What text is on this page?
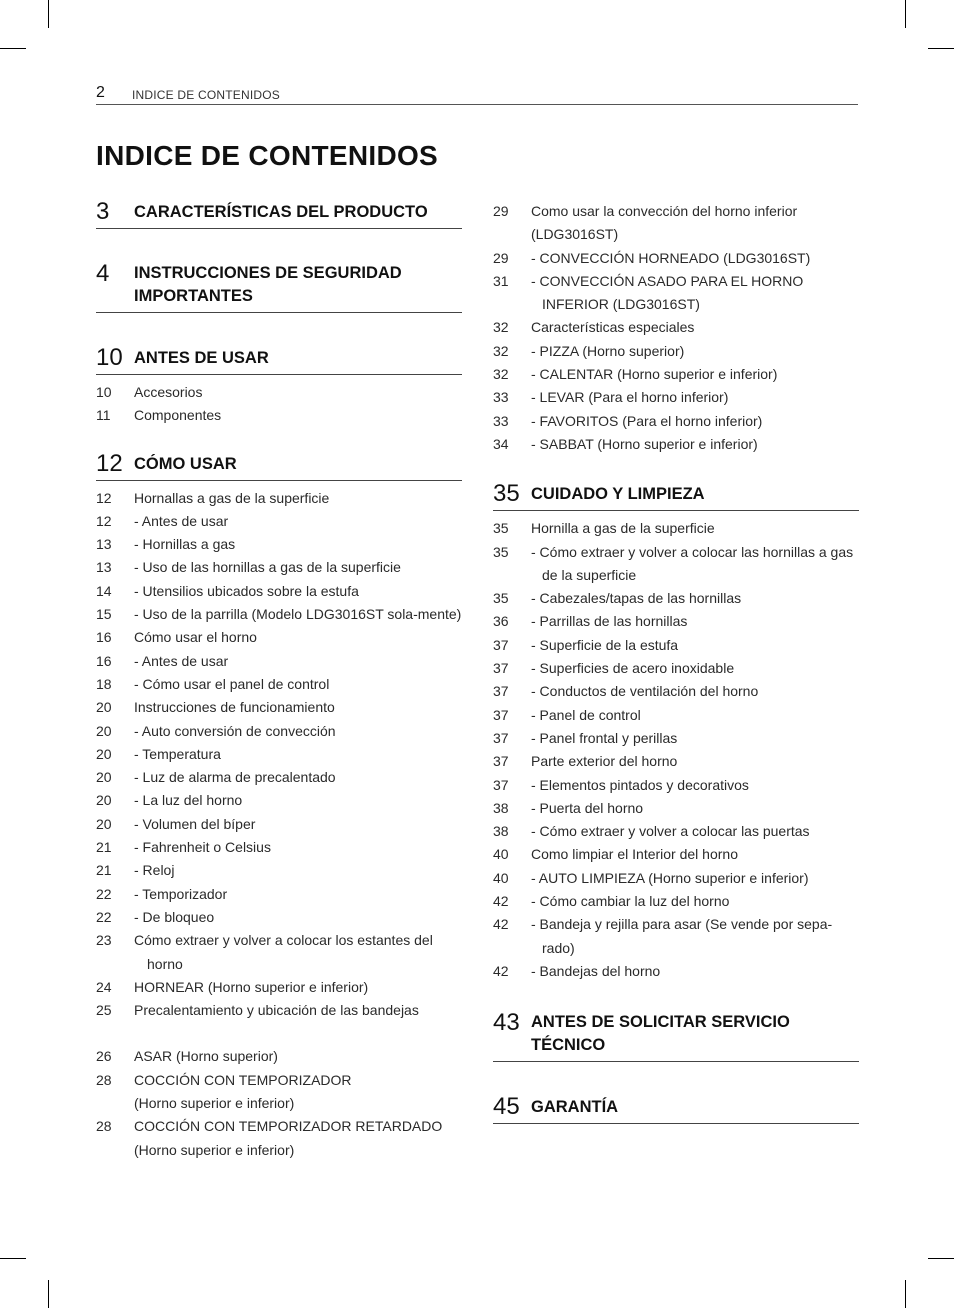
2 INDICE DE CONTENIDOS
INDICE DE CONTENIDOS
3	CARACTERÍSTICAS DEL PRODUCTO
4	INSTRUCCIONES DE SEGURIDAD IMPORTANTES
10 ANTES DE USAR
10	Accesorios
11	Componentes
12 CÓMO USAR
12	Hornallas a gas de la superficie
12	- Antes de usar
13	- Hornillas a gas
13	- Uso de las hornillas a gas de la superficie
14	- Utensilios ubicados sobre la estufa
15	- Uso de la parrilla (Modelo LDG3016ST sola-mente)
16	Cómo usar el horno
16	- Antes de usar
18	- Cómo usar el panel de control
20	Instrucciones de funcionamiento
20	- Auto conversión de convección
20	- Temperatura
20	- Luz de alarma de precalentado
20	- La luz del horno
20	- Volumen del bíper
21	- Fahrenheit o Celsius
21	- Reloj
22	- Temporizador
22	- De bloqueo
23	Cómo extraer y volver a colocar los estantes del horno
24	HORNEAR (Horno superior e inferior)
25	Precalentamiento y ubicación de las bandejas
26	ASAR (Horno superior)
28	COCCIÓN CON TEMPORIZADOR (Horno superior e inferior)
28	COCCIÓN CON TEMPORIZADOR RETARDADO (Horno superior e inferior)
29	Como usar la convección del horno inferior (LDG3016ST)
29	- CONVECCIÓN HORNEADO (LDG3016ST)
31	- CONVECCIÓN ASADO PARA EL HORNO INFERIOR (LDG3016ST)
32	Características especiales
32	- PIZZA (Horno superior)
32	- CALENTAR (Horno superior e inferior)
33	- LEVAR (Para el horno inferior)
33	- FAVORITOS (Para el horno inferior)
34	- SABBAT (Horno superior e inferior)
35 CUIDADO Y LIMPIEZA
35	Hornilla a gas de la superficie
35	- Cómo extraer y volver a colocar las hornillas a gas de la superficie
35	- Cabezales/tapas de las hornillas
36	- Parrillas de las hornillas
37	- Superficie de la estufa
37	- Superficies de acero inoxidable
37	- Conductos de ventilación del horno
37	- Panel de control
37	- Panel frontal y perillas
37	Parte exterior del horno
37	- Elementos pintados y decorativos
38	- Puerta del horno
38	- Cómo extraer y volver a colocar las puertas
40	Como limpiar el Interior del horno
40	- AUTO LIMPIEZA (Horno superior e inferior)
42	- Cómo cambiar la luz del horno
42	- Bandeja y rejilla para asar (Se vende por sepa-rado)
42	- Bandejas del horno
43 ANTES DE SOLICITAR SERVICIO TÉCNICO
45 GARANTÍA
